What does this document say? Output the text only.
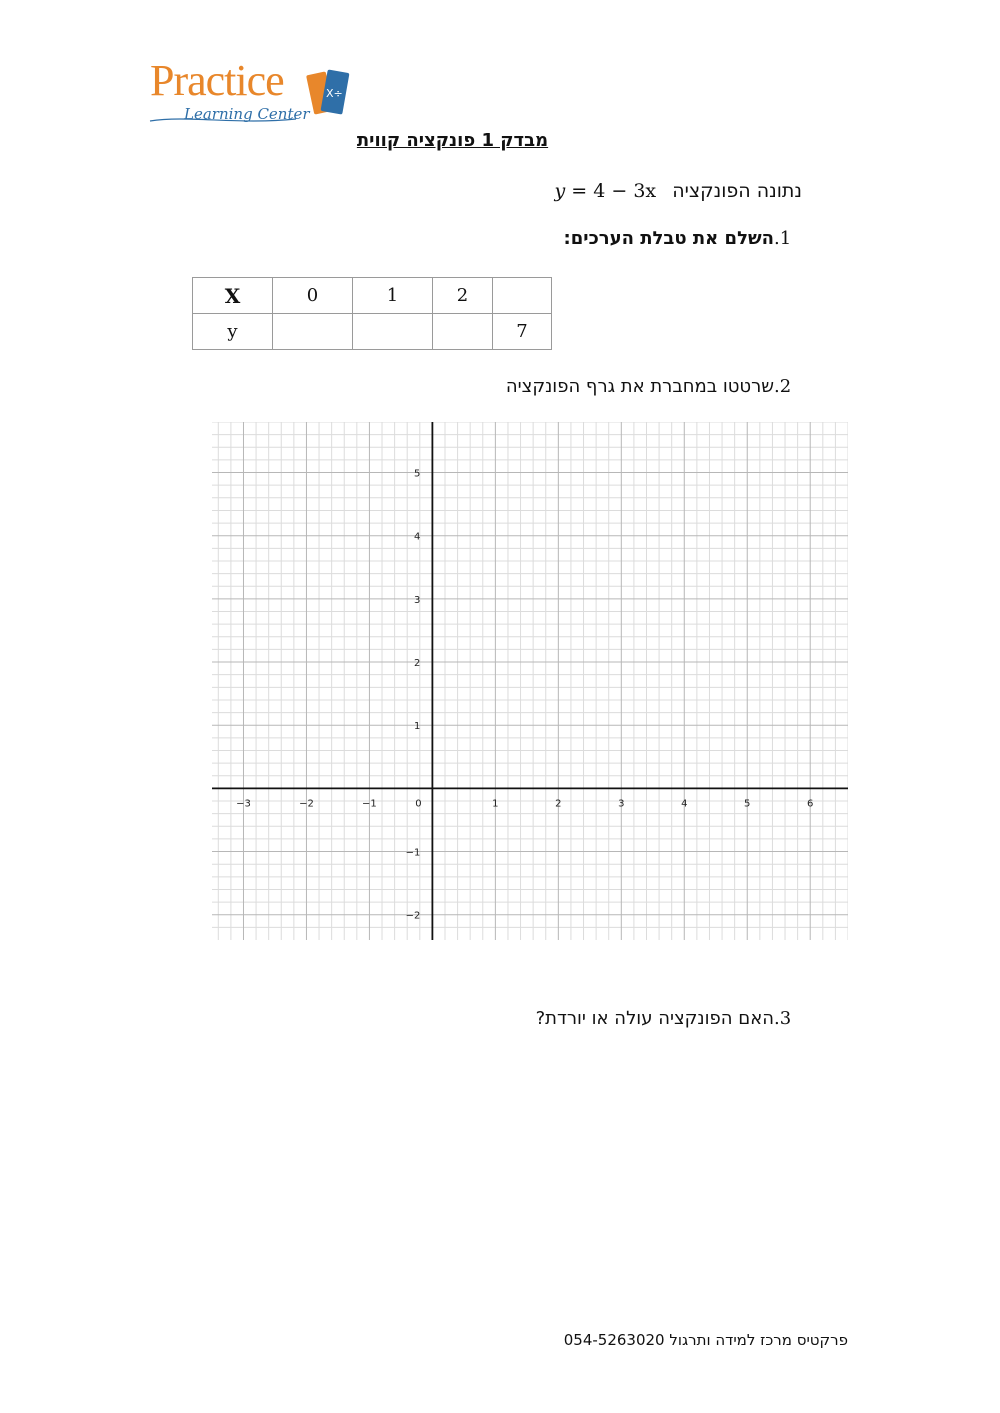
Practice	X÷
Learning Center
מבדק 1 פונקציה קווית
נתונה הפונקציה y = 4 − 3x
1.השלם את טבלת הערכים:
X	0	1	2	
y				7
2.שרטטו במחברת את גרף הפונקציה
−3	−2	−1	0	1	2	3	4	5	6
5
4
3
2
1
−1
−2
3.האם הפונקציה עולה או יורדת?
פרקטיס מרכז למידה ותרגול 054-5263020
